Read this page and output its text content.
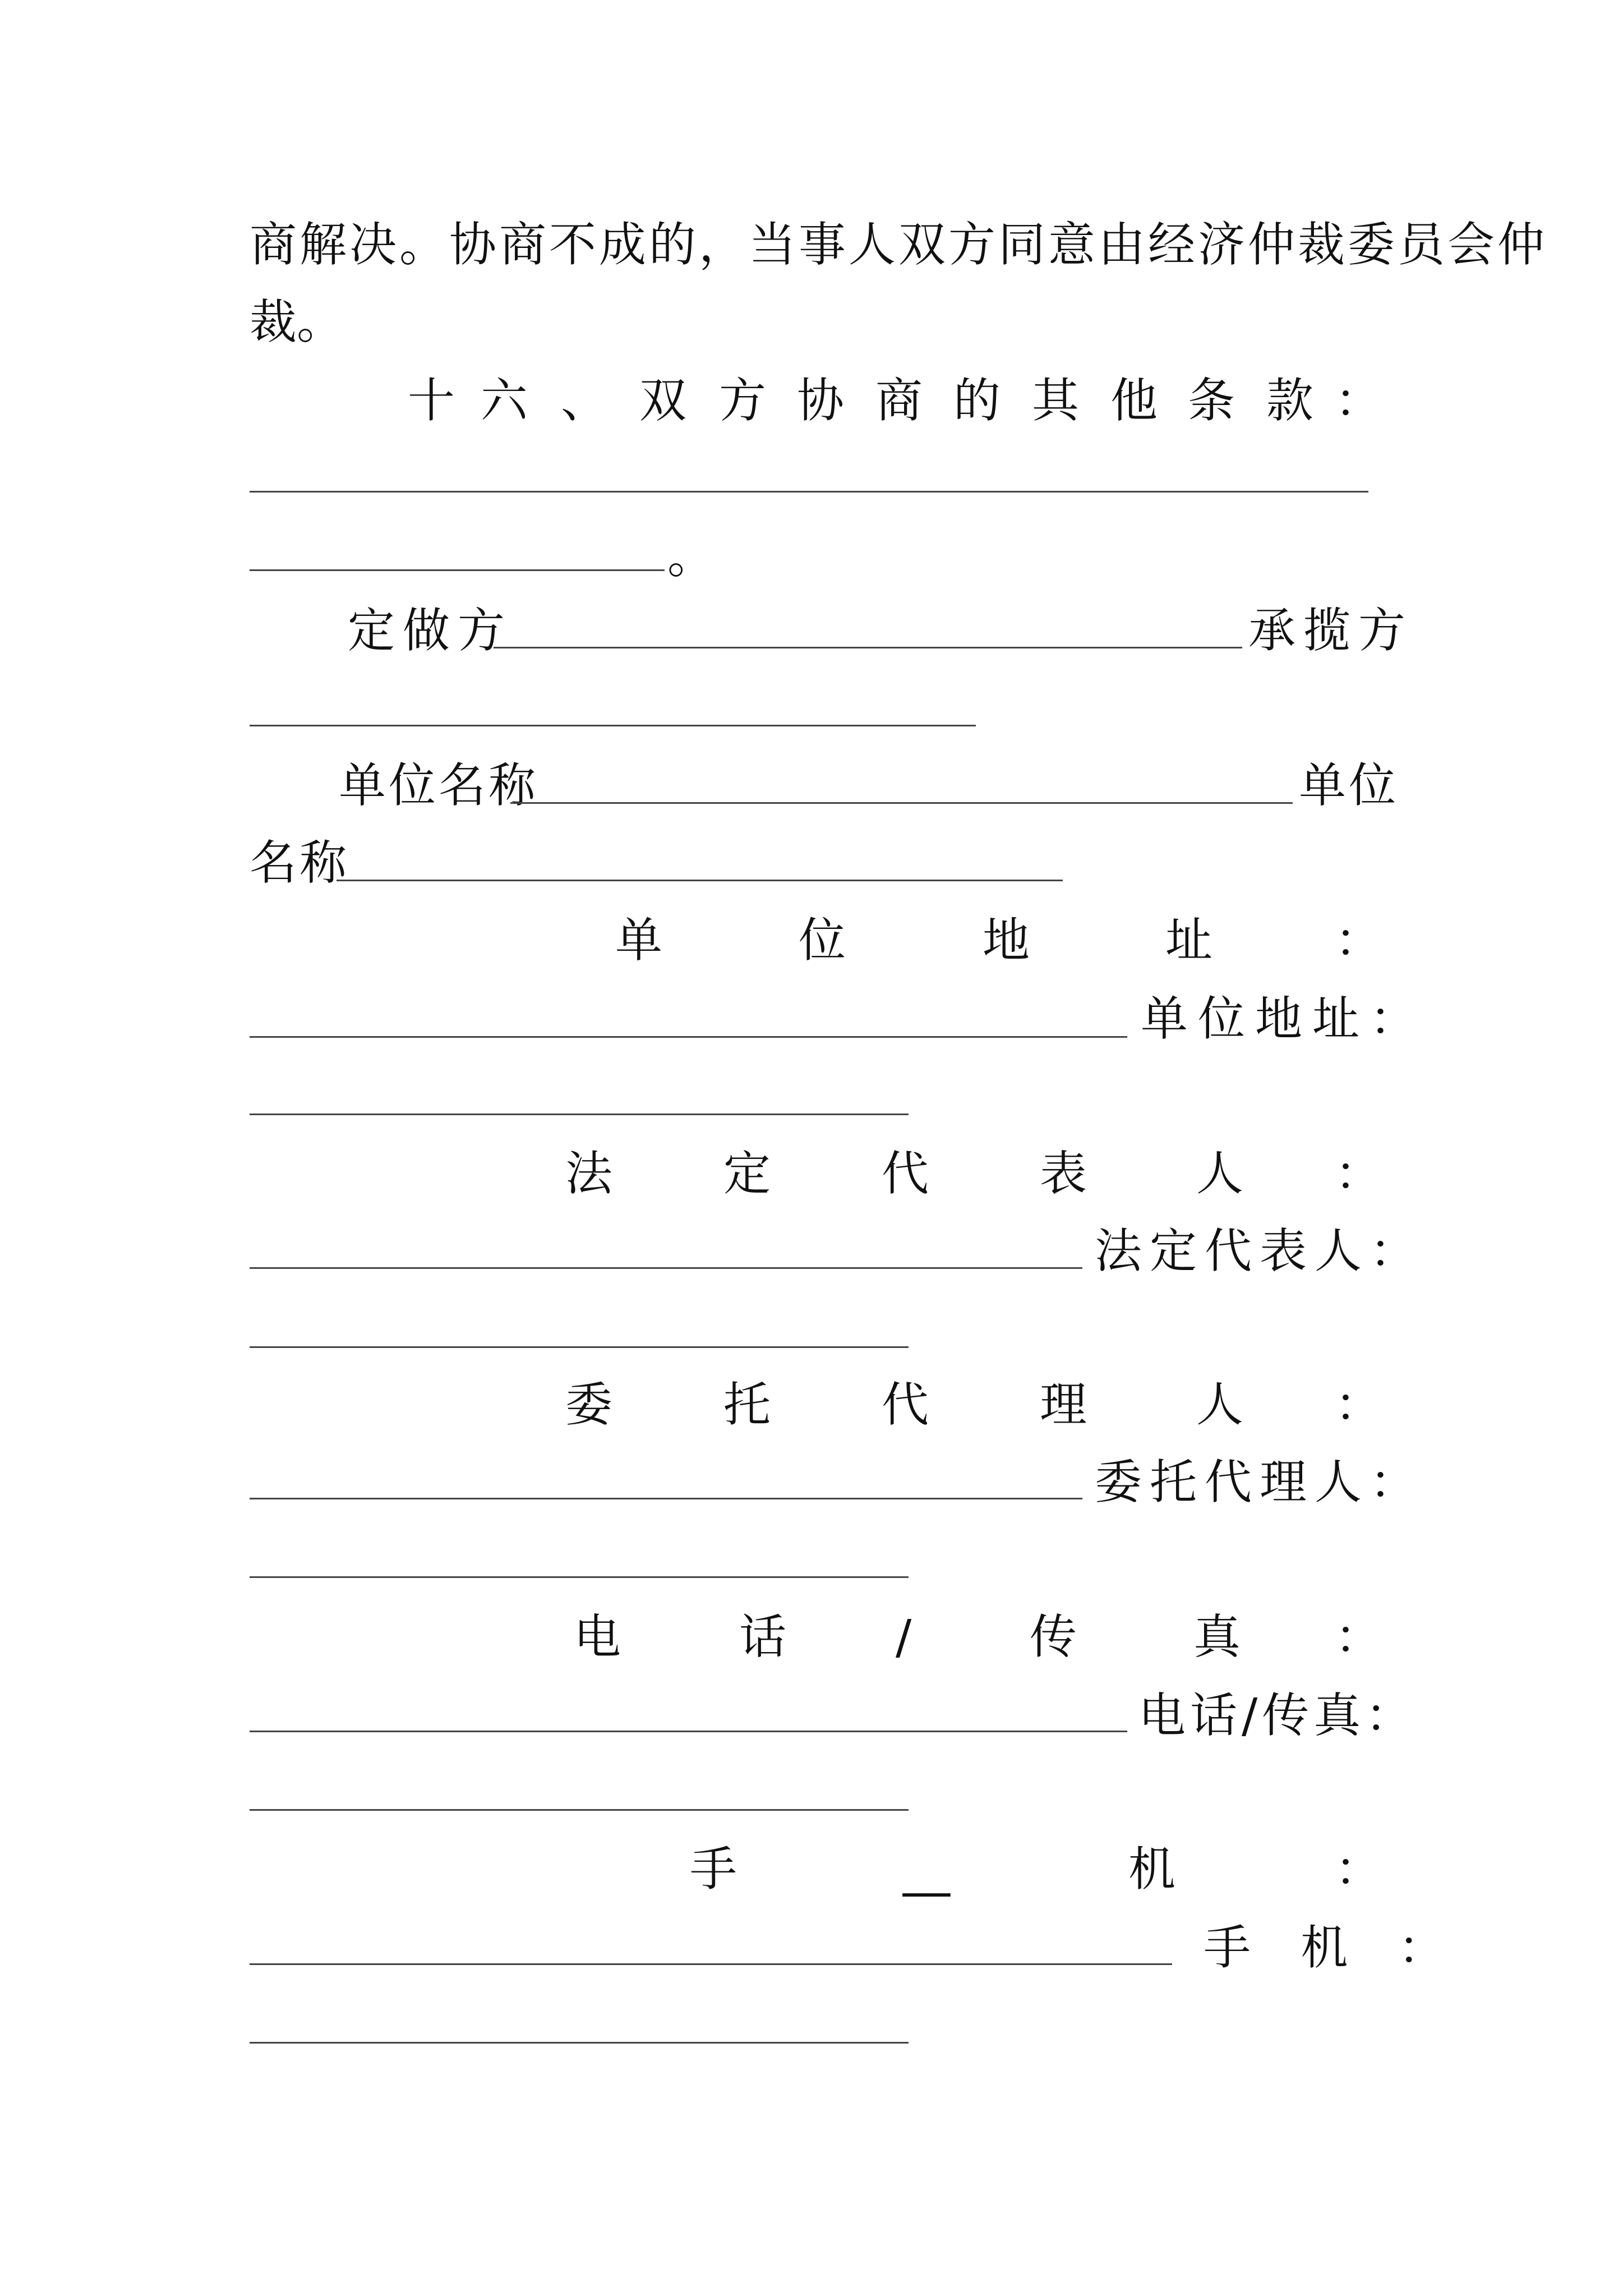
商解决。协商不成的，当事人双方同意由经济仲裁委员会仲
裁。
十 六 、 双 方 协 商 的 其 他 条 款 ：
。
定做方	承揽方
单位名称	单位
名称
单	位	地	址	：
单位地址：
法 定 代 表 人 ：
法定代表人：
委 托 代 理 人 ：
委托代理人：
电	话 /	传 真 ：
电话/传真：
手	__	机	：
手  机  ：
